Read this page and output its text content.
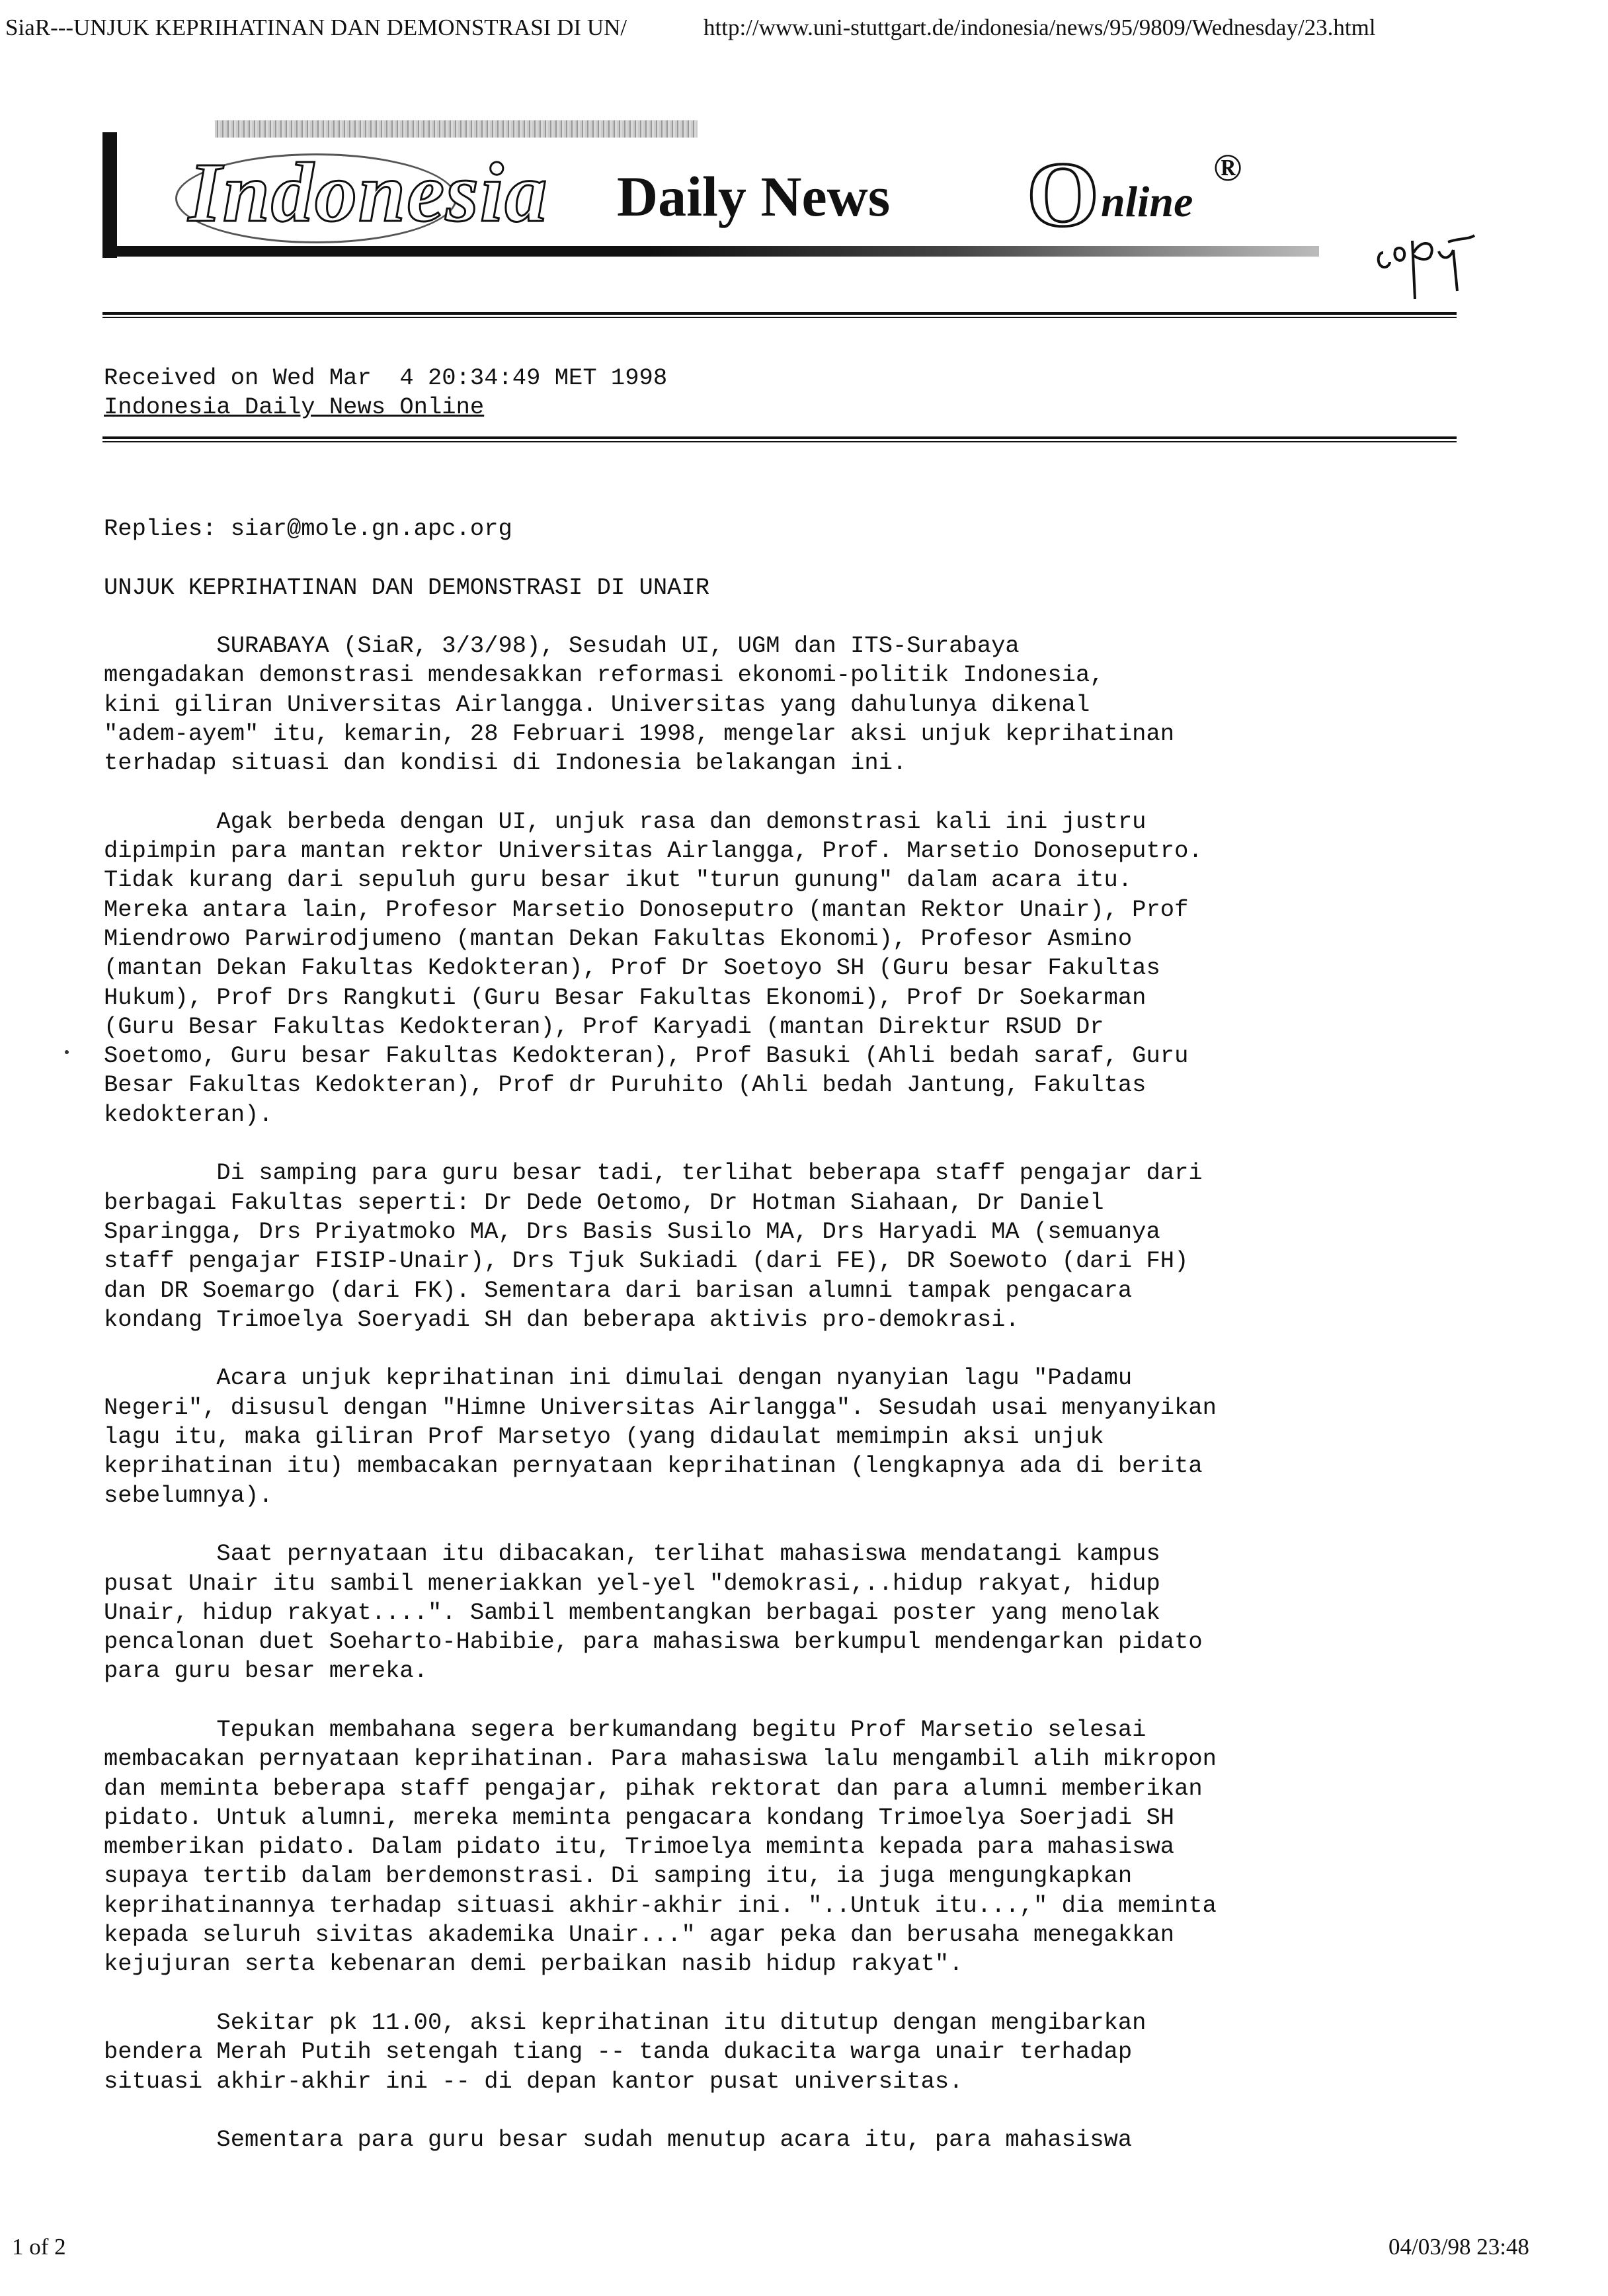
SiaR---UNJUK KEPRIHATINAN DAN DEMONSTRASI DI UN/	http://www.uni-stuttgart.de/indonesia/news/95/9809/Wednesday/23.html
Indonesia Daily News O nline
®
Received on Wed Mar  4 20:34:49 MET 1998
Indonesia Daily News Online
Replies: siar@mole.gn.apc.org
UNJUK KEPRIHATINAN DAN DEMONSTRASI DI UNAIR

SURABAYA (SiaR, 3/3/98), Sesudah UI, UGM dan ITS-Surabaya
mengadakan demonstrasi mendesakkan reformasi ekonomi-politik Indonesia,
kini giliran Universitas Airlangga. Universitas yang dahulunya dikenal
"adem-ayem" itu, kemarin, 28 Februari 1998, mengelar aksi unjuk keprihatinan
terhadap situasi dan kondisi di Indonesia belakangan ini.

Agak berbeda dengan UI, unjuk rasa dan demonstrasi kali ini justru
dipimpin para mantan rektor Universitas Airlangga, Prof. Marsetio Donoseputro.
Tidak kurang dari sepuluh guru besar ikut "turun gunung" dalam acara itu.
Mereka antara lain, Profesor Marsetio Donoseputro (mantan Rektor Unair), Prof
Miendrowo Parwirodjumeno (mantan Dekan Fakultas Ekonomi), Profesor Asmino
(mantan Dekan Fakultas Kedokteran), Prof Dr Soetoyo SH (Guru besar Fakultas
Hukum), Prof Drs Rangkuti (Guru Besar Fakultas Ekonomi), Prof Dr Soekarman
(Guru Besar Fakultas Kedokteran), Prof Karyadi (mantan Direktur RSUD Dr
Soetomo, Guru besar Fakultas Kedokteran), Prof Basuki (Ahli bedah saraf, Guru
Besar Fakultas Kedokteran), Prof dr Puruhito (Ahli bedah Jantung, Fakultas
kedokteran).

Di samping para guru besar tadi, terlihat beberapa staff pengajar dari
berbagai Fakultas seperti: Dr Dede Oetomo, Dr Hotman Siahaan, Dr Daniel
Sparingga, Drs Priyatmoko MA, Drs Basis Susilo MA, Drs Haryadi MA (semuanya
staff pengajar FISIP-Unair), Drs Tjuk Sukiadi (dari FE), DR Soewoto (dari FH)
dan DR Soemargo (dari FK). Sementara dari barisan alumni tampak pengacara
kondang Trimoelya Soeryadi SH dan beberapa aktivis pro-demokrasi.

Acara unjuk keprihatinan ini dimulai dengan nyanyian lagu "Padamu
Negeri", disusul dengan "Himne Universitas Airlangga". Sesudah usai menyanyikan
lagu itu, maka giliran Prof Marsetyo (yang didaulat memimpin aksi unjuk
keprihatinan itu) membacakan pernyataan keprihatinan (lengkapnya ada di berita
sebelumnya).

Saat pernyataan itu dibacakan, terlihat mahasiswa mendatangi kampus
pusat Unair itu sambil meneriakkan yel-yel "demokrasi,..hidup rakyat, hidup
Unair, hidup rakyat....". Sambil membentangkan berbagai poster yang menolak
pencalonan duet Soeharto-Habibie, para mahasiswa berkumpul mendengarkan pidato
para guru besar mereka.

Tepukan membahana segera berkumandang begitu Prof Marsetio selesai
membacakan pernyataan keprihatinan. Para mahasiswa lalu mengambil alih mikropon
dan meminta beberapa staff pengajar, pihak rektorat dan para alumni memberikan
pidato. Untuk alumni, mereka meminta pengacara kondang Trimoelya Soerjadi SH
memberikan pidato. Dalam pidato itu, Trimoelya meminta kepada para mahasiswa
supaya tertib dalam berdemonstrasi. Di samping itu, ia juga mengungkapkan
keprihatinannya terhadap situasi akhir-akhir ini. "..Untuk itu...," dia meminta
kepada seluruh sivitas akademika Unair..." agar peka dan berusaha menegakkan
kejujuran serta kebenaran demi perbaikan nasib hidup rakyat".

Sekitar pk 11.00, aksi keprihatinan itu ditutup dengan mengibarkan
bendera Merah Putih setengah tiang -- tanda dukacita warga unair terhadap
situasi akhir-akhir ini -- di depan kantor pusat universitas.

Sementara para guru besar sudah menutup acara itu, para mahasiswa

1 of 2	04/03/98 23:48
